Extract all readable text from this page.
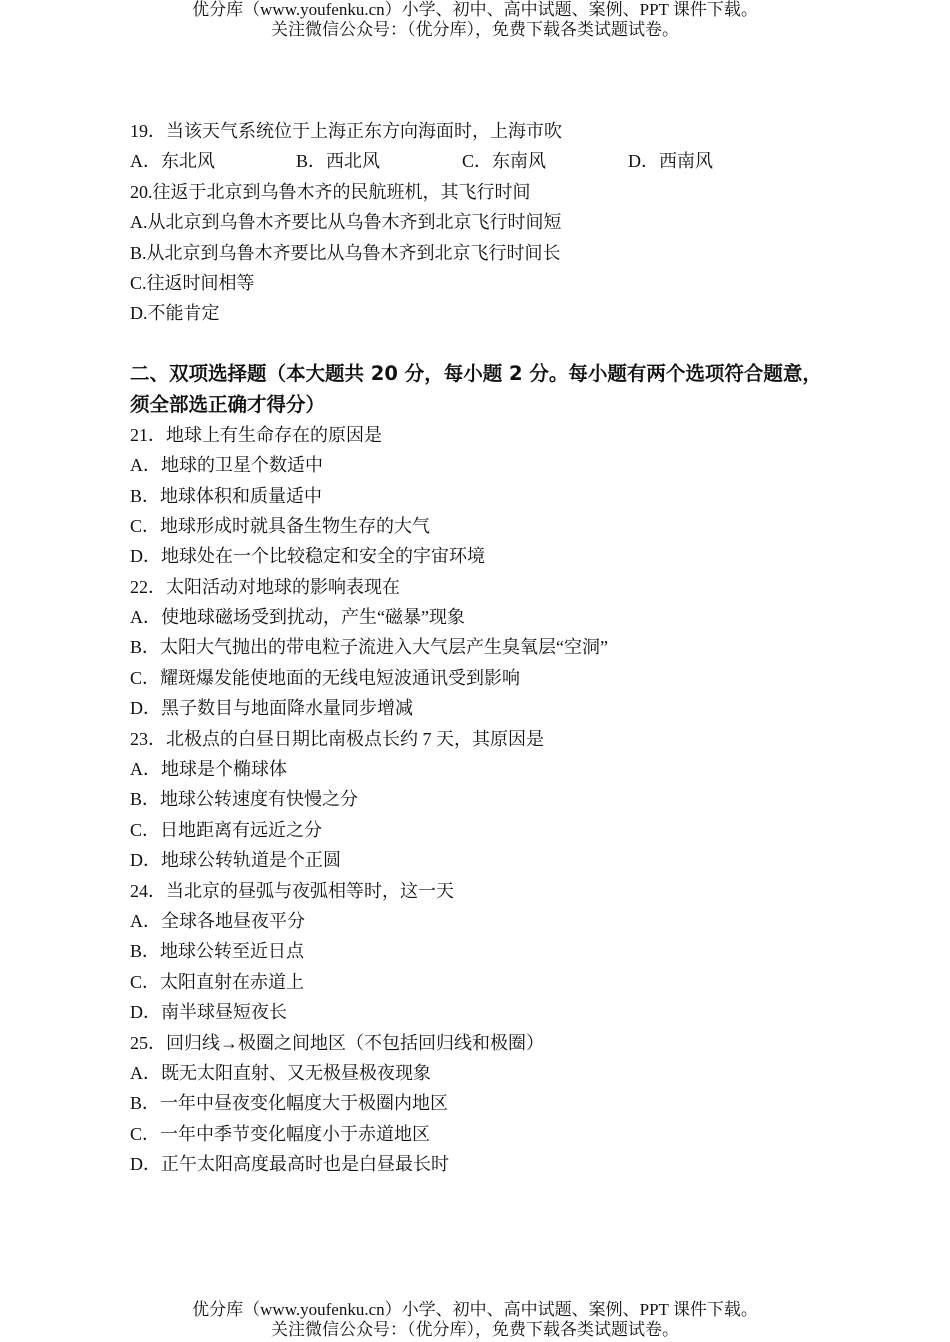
优分库（www.youfenku.cn）小学、初中、高中试题、案例、PPT 课件下载。
关注微信公众号：（优分库），免费下载各类试题试卷。
19．当该天气系统位于上海正东方向海面时，上海市吹
A．东北风	B．西北风	C．东南风	D．西南风
20.往返于北京到乌鲁木齐的民航班机，其飞行时间
A.从北京到乌鲁木齐要比从乌鲁木齐到北京飞行时间短
B.从北京到乌鲁木齐要比从乌鲁木齐到北京飞行时间长
C.往返时间相等
D.不能肯定
二、双项选择题（本大题共 20 分，每小题 2 分。每小题有两个选项符合题意，须全部选正确才得分）
21．地球上有生命存在的原因是
A．地球的卫星个数适中
B．地球体积和质量适中
C．地球形成时就具备生物生存的大气
D．地球处在一个比较稳定和安全的宇宙环境
22．太阳活动对地球的影响表现在
A．使地球磁场受到扰动，产生“磁暴”现象
B．太阳大气抛出的带电粒子流进入大气层产生臭氧层“空洞”
C．耀斑爆发能使地面的无线电短波通讯受到影响
D．黑子数目与地面降水量同步增减
23．北极点的白昼日期比南极点长约 7 天，其原因是
A．地球是个椭球体
B．地球公转速度有快慢之分
C．日地距离有远近之分
D．地球公转轨道是个正圆
24．当北京的昼弧与夜弧相等时，这一天
A．全球各地昼夜平分
B．地球公转至近日点
C．太阳直射在赤道上
D．南半球昼短夜长
25．回归线→极圈之间地区（不包括回归线和极圈）
A．既无太阳直射、又无极昼极夜现象
B．一年中昼夜变化幅度大于极圈内地区
C．一年中季节变化幅度小于赤道地区
D．正午太阳高度最高时也是白昼最长时
优分库（www.youfenku.cn）小学、初中、高中试题、案例、PPT 课件下载。
关注微信公众号：（优分库），免费下载各类试题试卷。
